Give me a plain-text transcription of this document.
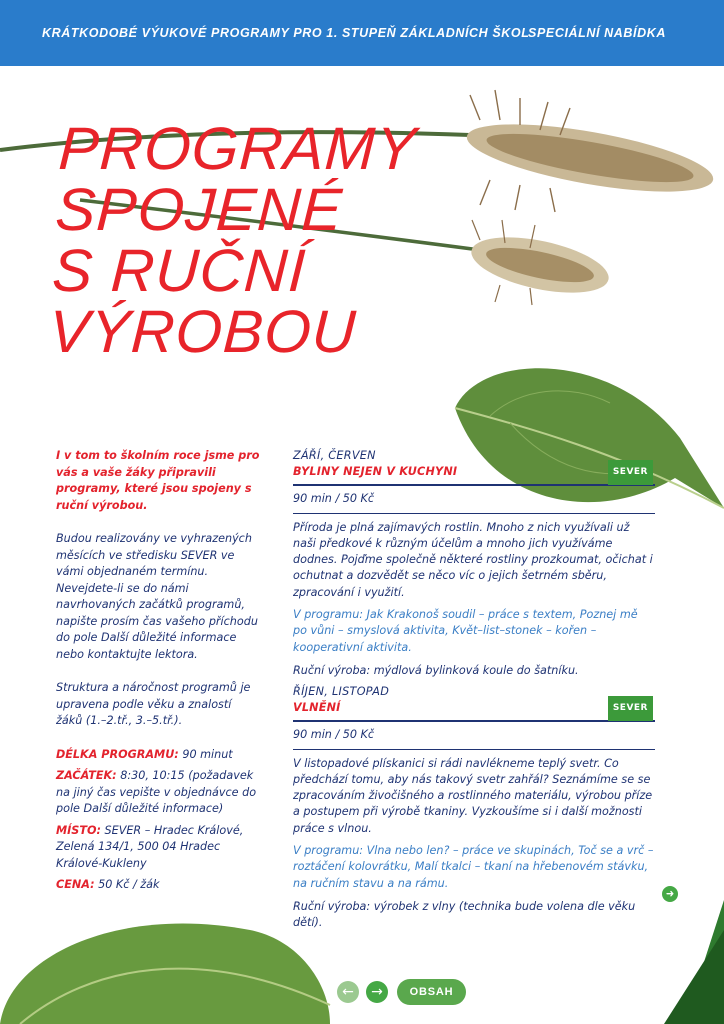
KRÁTKODOBÉ VÝUKOVÉ PROGRAMY PRO 1. STUPEŇ ZÁKLADNÍCH ŠKOL
SPECIÁLNÍ NABÍDKA
PROGRAMY
SPOJENÉ
S RUČNÍ
VÝROBOU

I v tom to školním roce jsme pro vás a vaše žáky připravili programy, které jsou spojeny s ruční výrobou.

Budou realizovány ve vyhrazených měsících ve středisku SEVER ve vámi objednaném termínu. Nevejdete-li se do námi navrhovaných začátků programů, napište prosím čas vašeho příchodu do pole Další důležité informace nebo kontaktujte lektora.

Struktura a náročnost programů je upravena podle věku a znalostí žáků (1.–2.tř., 3.–5.tř.).

DÉLKA PROGRAMU: 90 minut

ZAČÁTEK: 8:30, 10:15 (požadavek na jiný čas vepište v objednávce do pole Další důležité informace)

MÍSTO: SEVER – Hradec Králové, Zelená 134/1, 500 04 Hradec Králové-Kukleny

CENA: 50 Kč / žák

ZÁŘÍ, ČERVEN
BYLINY NEJEN V KUCHYNI	SEVER
90 min / 50 Kč

Příroda je plná zajímavých rostlin. Mnoho z nich využívali už naši předkové k různým účelům a mnoho jich využíváme dodnes. Pojďme společně některé rostliny prozkoumat, očichat i ochutnat a dozvědět se něco víc o jejich šetrném sběru, zpracování i využití.

V programu: Jak Krakonoš soudil – práce s textem, Poznej mě po vůni – smyslová aktivita, Květ–list–stonek – kořen – kooperativní aktivita.

Ruční výroba: mýdlová bylinková koule do šatníku.

ŘÍJEN, LISTOPAD
VLNĚNÍ	SEVER
90 min / 50 Kč

V listopadové plískanici si rádi navlékneme teplý svetr. Co předchází tomu, aby nás takový svetr zahřál? Seznámíme se se zpracováním živočišného a rostlinného materiálu, výrobou příze a postupem při výrobě tkaniny. Vyzkoušíme si i další možnosti práce s vlnou.

V programu: Vlna nebo len? – práce ve skupinách, Toč se a vrč – roztáčení kolovrátku, Malí tkalci – tkaní na hřebenovém stávku, na ručním stavu a na rámu.

Ruční výroba: výrobek z vlny (technika bude volena dle věku dětí).

➜
←	→	OBSAH
